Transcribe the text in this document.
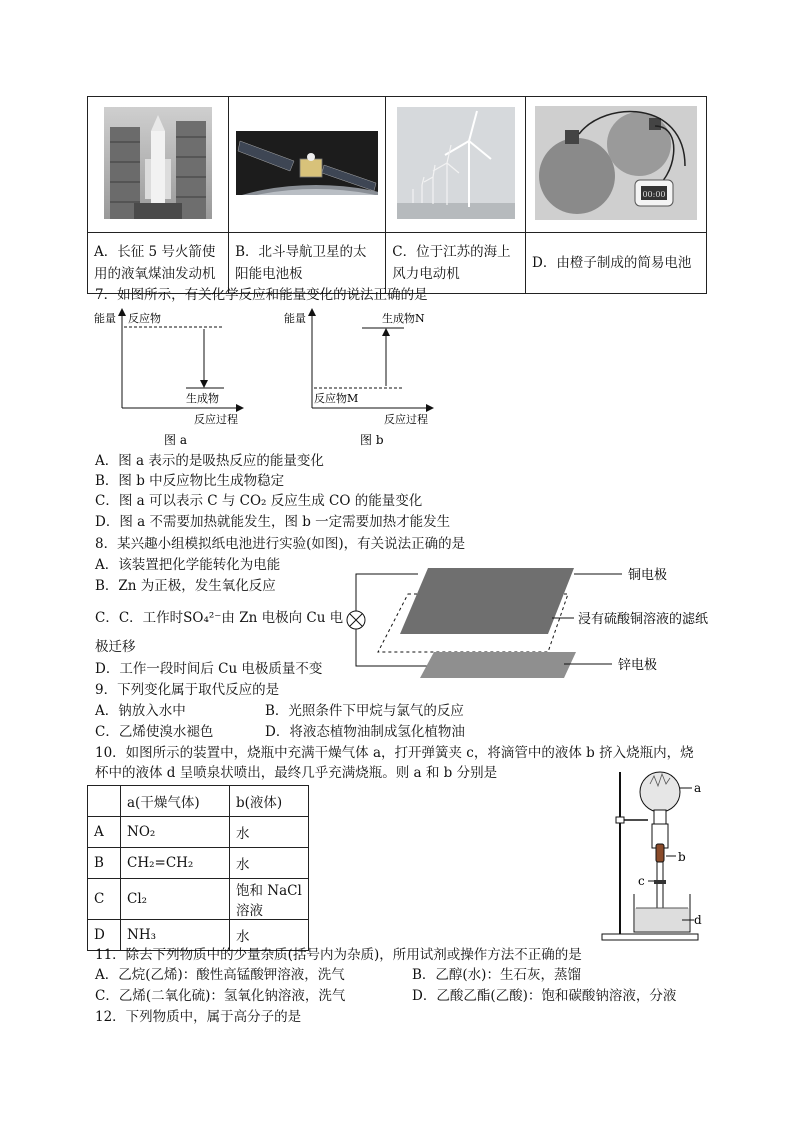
00:00

A．长征 5 号火箭使用的液氧煤油发动机	B．北斗导航卫星的太阳能电池板	C．位于江苏的海上风力电动机	D．由橙子制成的简易电池
7．如图所示，有关化学反应和能量变化的说法正确的是
能量 反应物
生成物
反应过程
图 a
能量
反应物M
生成物N
反应过程
图 b
A．图 a 表示的是吸热反应的能量变化
B．图 b 中反应物比生成物稳定
C．图 a 可以表示 C 与 CO₂ 反应生成 CO 的能量变化
D．图 a 不需要加热就能发生，图 b 一定需要加热才能发生
8．某兴趣小组模拟纸电池进行实验(如图)，有关说法正确的是
A．该装置把化学能转化为电能
B．Zn 为正极，发生氧化反应
C．C．工作时SO₄²⁻由 Zn 电极向 Cu 电
极迁移
D．工作一段时间后 Cu 电极质量不变
铜电极
浸有硫酸铜溶液的滤纸
锌电极
9．下列变化属于取代反应的是
A．钠放入水中	B．光照条件下甲烷与氯气的反应
C．乙烯使溴水褪色	D．将液态植物油制成氢化植物油
10．如图所示的装置中，烧瓶中充满干燥气体 a，打开弹簧夹 c，将滴管中的液体 b 挤入烧瓶内，烧
杯中的液体 d 呈喷泉状喷出，最终几乎充满烧瓶。则 a 和 b 分别是
	a(干燥气体)	b(液体)
A	NO₂	水
B	CH₂=CH₂	水
C	Cl₂	饱和 NaCl 溶液
D	NH₃	水
a
b
c
d
11．除去下列物质中的少量杂质(括号内为杂质)，所用试剂或操作方法不正确的是
A．乙烷(乙烯)：酸性高锰酸钾溶液，洗气	B．乙醇(水)：生石灰，蒸馏
C．乙烯(二氧化硫)：氢氧化钠溶液，洗气	D．乙酸乙酯(乙酸)：饱和碳酸钠溶液，分液
12．下列物质中，属于高分子的是
